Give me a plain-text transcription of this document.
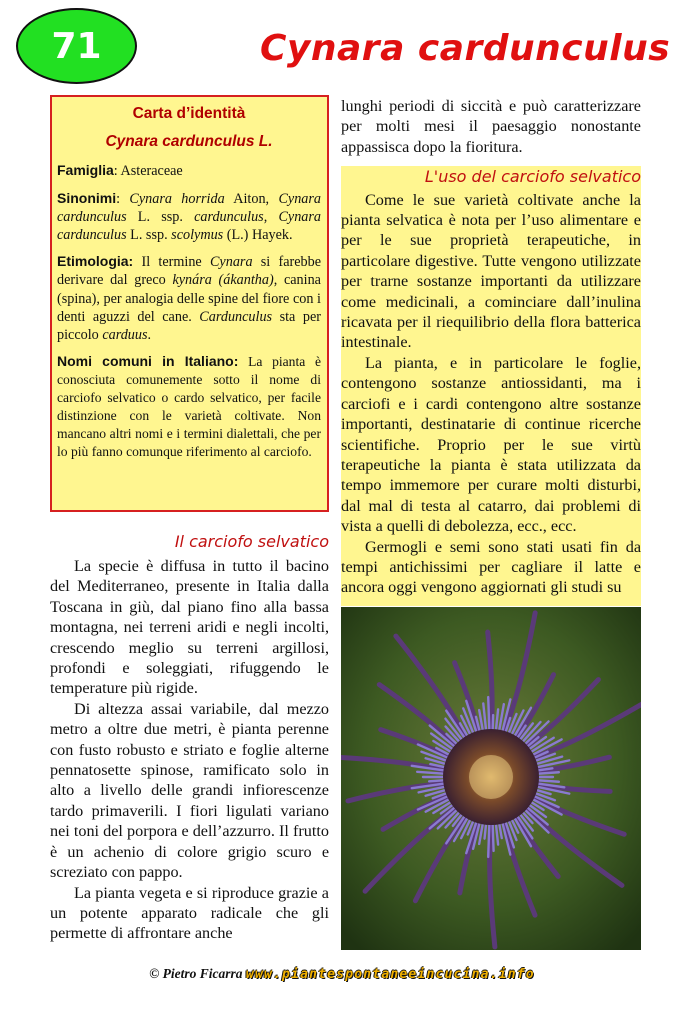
71	Cynara cardunculus
Carta d’identità
Cynara cardunculus L.

Famiglia: Asteraceae

Sinonimi: Cynara horrida Aiton, Cynara cardunculus L. ssp. cardunculus, Cynara cardunculus L. ssp. scolymus (L.) Hayek.

Etimologia: Il termine Cynara si farebbe derivare dal greco kynára (ákantha), canina (spina), per analogia delle spine del fiore con i denti aguzzi del cane. Cardunculus sta per piccolo carduus.

Nomi comuni in Italiano: La pianta è conosciuta comunemente sotto il nome di carciofo selvatico o cardo selvatico, per facile distinzione con le varietà coltivate. Non mancano altri nomi e i termini dialettali, che per lo più fanno comunque riferimento al carciofo.

Il carciofo selvatico

La specie è diffusa in tutto il bacino del Mediterraneo, presente in Italia dalla Toscana in giù, dal piano fino alla bassa montagna, nei terreni aridi e negli incolti, crescendo meglio su terreni argillosi, profondi e soleggiati, rifuggendo le temperature più rigide.

Di altezza assai variabile, dal mezzo metro a oltre due metri, è pianta perenne con fusto robusto e striato e foglie alterne pennatosette spinose, ramificato solo in alto a livello delle grandi infiorescenze tardo primaverili. I fiori ligulati variano nei toni del porpora e dell’azzurro. Il frutto è un achenio di colore grigio scuro e screziato con pappo.

La pianta vegeta e si riproduce grazie a un potente apparato radicale che gli permette di affrontare anche

lunghi periodi di siccità e può caratterizzare per molti mesi il paesaggio nonostante appassisca dopo la fioritura.

L'uso del carciofo selvatico

Come le sue varietà coltivate anche la pianta selvatica è nota per l’uso alimentare e per le sue proprietà terapeutiche, in particolare digestive. Tutte vengono utilizzate per trarne sostanze importanti da utilizzare come medicinali, a cominciare dall’inulina ricavata per il riequilibrio della flora batterica intestinale.

La pianta, e in particolare le foglie, contengono sostanze antiossidanti, ma i carciofi e i cardi contengono altre sostanze importanti, destinatarie di continue ricerche scientifiche. Proprio per le sue virtù terapeutiche la pianta è stata utilizzata da tempo immemore per curare molti disturbi, dal mal di testa al catarro, dai problemi di vista a quelli di debolezza, ecc., ecc.

Germogli e semi sono stati usati fin da tempi antichissimi per cagliare il latte e ancora oggi vengono aggiornati gli studi su

© Pietro Ficarra www.piantespontaneeincucina.info
